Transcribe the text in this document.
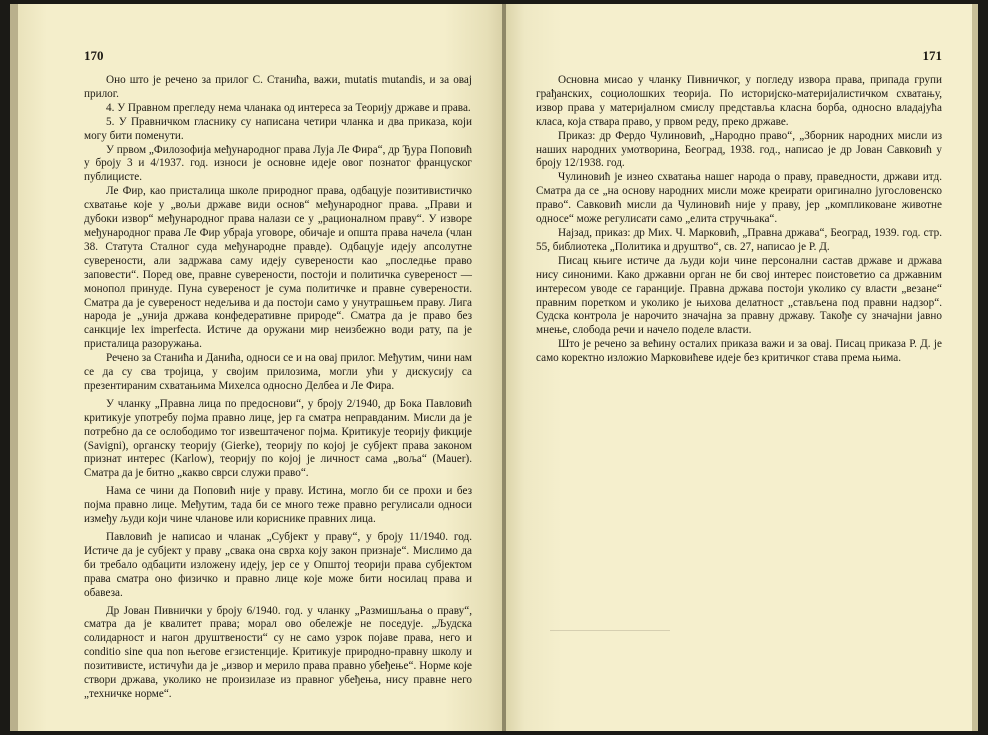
170

Оно што је речено за прилог С. Станића, важи, mutatis mutandis, и за овај прилог.

4. У Правном прегледу нема чланака од интереса за Теорију државе и права.

5. У Правничком гласнику су написана четири чланка и два приказа, који могу бити поменути.

У првом „Филозофија међународног права Луја Ле Фира“, др Ђура Поповић у броју 3 и 4/1937. год. износи је основне идеје овог познатог француског публицисте.

Ле Фир, као присталица школе природног права, одбацује позитивистичко схватање које у „вољи државе види основ“ међународног права. „Прави и дубоки извор“ међународног права налази се у „рационалном праву“. У изворе међународног права Ле Фир убраја уговоре, обичаје и општа права начела (члан 38. Статута Сталног суда међународне правде). Одбацује идеју апсолутне суверености, али задржава саму идеју суверености као „последње право заповести“. Поред ове, правне суверености, постоји и политичка сувереност — монопол принуде. Пуна сувереност је сума политичке и правне суверености. Смaтра да је сувереност недељива и да постоји само у унутрашњем праву. Лига народа је „унија држава конфедеративне природе“. Смaтра да је право без санкције lex imperfecta. Истиче да оружани мир неизбежно води рату, па је присталица разоружања.

Речено за Станића и Данића, односи се и на овај прилог. Међутим, чини нам се да су сва тројица, у својим прилозима, могли ући у дискусију са презентираним схватањима Михелса односно Делбеа и Ле Фира.

У чланку „Правна лица по предоснови“, у броју 2/1940, др Бока Павловић критикује употребу појма правно лице, јер га сматра неправданим. Мисли да је потребно да се ослободимо тог извештаченог појма. Критикује теорију фикције (Savigni), органску теорију (Gierke), теорију по којој је субјект права законом признат интерес (Karlow), теорију по којој је личност сама „воља“ (Mauer). Смaтра да је битно „какво сврси служи право“.

Нама се чини да Поповић није у праву. Истина, могло би се прохи и без појма правно лице. Међутим, тада би се много теже правно регулисали односи између људи који чине чланове или кориснике правних лица.

Павловић је написао и чланак „Субјект у праву“, у броју 11/1940. год. Истиче да је субјект у праву „свака она сврха коју закон признаје“. Мислимо да би требало одбацити изложену идеју, јер се у Општој теорији права субјектом права сматра оно физичко и правно лице које може бити носилац права и обавеза.

Др Јован Пивнички у броју 6/1940. год. у чланку „Размишљања о праву“, смaтра да је квалитет права; морал ово обележје не поседује. „Људска солидарност и нагон друштвености“ су не само узрок појаве права, него и conditio sine qua non његове егзистенције. Критикује природно-правну школу и позитивисте, истичући да је „извор и мерило права правно убеђење“. Норме које створи држава, уколико не произилазе из правног убеђења, нису правне него „техничке норме“.

171

Основна мисао у чланку Пивничког, у погледу извора права, припада групи грађанских, социолошких теорија. По историјско-материјалистичком схватању, извор права у материјалном смислу представља класна борба, односно владајућа класа, која ствара право, у првом реду, преко државе.

Приказ: др Фердо Чулиновић, „Народно право“, „Зборник народних мисли из наших народних умотворина, Београд, 1938. год., написао је др Јован Савковић у броју 12/1938. год.

Чулиновић је изнео схватања нашег народа о праву, праведности, држави итд. Смaтра да се „на основу народних мисли може креирати оригинално југословенско право“. Савковић мисли да Чулиновић није у праву, јер „компликоване животне односе“ може регулисати само „елита стручњака“.

Најзад, приказ: др Мих. Ч. Марковић, „Правна држава“, Београд, 1939. год. стр. 55, библиотека „Политика и друштво“, св. 27, написао је Р. Д.

Писац књиге истиче да људи који чине персонални састав државе и држава нису синоними. Како државни орган не би свој интерес поистоветио са државним интересом уводе се гаранције. Правна држава постоји уколико су власти „везане“ правним поретком и уколико је њихова делатност „стављена под правни надзор“. Судска контрола је нарочито значајна за правну државу. Такође су значајни јавно мнење, слобода речи и начело поделе власти.

Што је речено за већину осталих приказа важи и за овај. Писац приказа Р. Д. је само коректно изложио Марковићеве идеје без критичког става према њима.
